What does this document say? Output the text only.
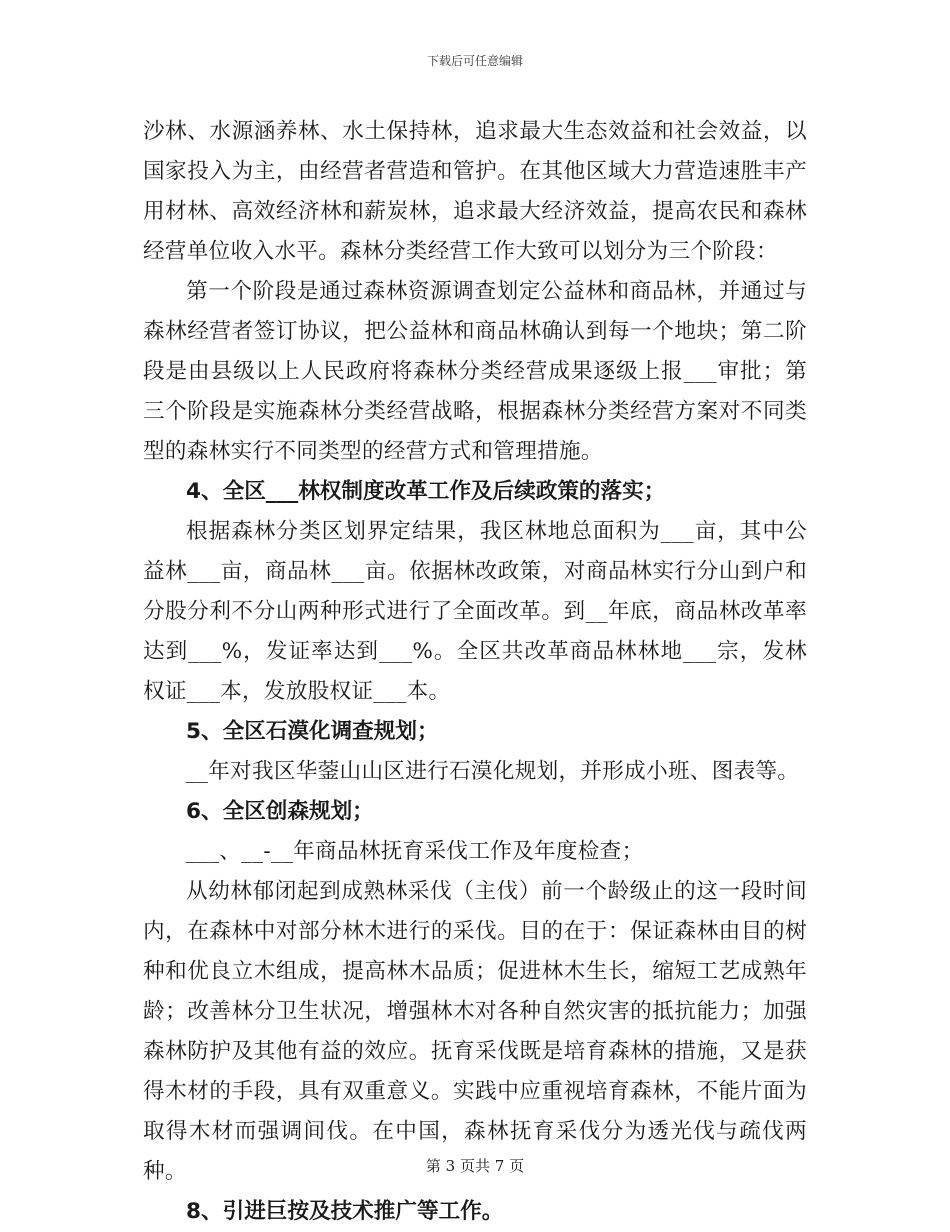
下载后可任意编辑

沙林、水源涵养林、水土保持林，追求最大生态效益和社会效益，以国家投入为主，由经营者营造和管护。在其他区域大力营造速胜丰产用材林、高效经济林和薪炭林，追求最大经济效益，提高农民和森林经营单位收入水平。森林分类经营工作大致可以划分为三个阶段：

第一个阶段是通过森林资源调查划定公益林和商品林，并通过与森林经营者签订协议，把公益林和商品林确认到每一个地块；第二阶段是由县级以上人民政府将森林分类经营成果逐级上报___审批；第三个阶段是实施森林分类经营战略，根据森林分类经营方案对不同类型的森林实行不同类型的经营方式和管理措施。

4、全区___林权制度改革工作及后续政策的落实；

根据森林分类区划界定结果，我区林地总面积为___亩，其中公益林___亩，商品林___亩。依据林改政策，对商品林实行分山到户和分股分利不分山两种形式进行了全面改革。到__年底，商品林改革率达到___%，发证率达到___%。全区共改革商品林林地___宗，发林权证___本，发放股权证___本。

5、全区石漠化调查规划；

__年对我区华蓥山山区进行石漠化规划，并形成小班、图表等。

6、全区创森规划；

___、__-__年商品林抚育采伐工作及年度检查；

从幼林郁闭起到成熟林采伐（主伐）前一个龄级止的这一段时间内，在森林中对部分林木进行的采伐。目的在于：保证森林由目的树种和优良立木组成，提高林木品质；促进林木生长，缩短工艺成熟年龄；改善林分卫生状况，增强林木对各种自然灾害的抵抗能力；加强森林防护及其他有益的效应。抚育采伐既是培育森林的措施，又是获得木材的手段，具有双重意义。实践中应重视培育森林，不能片面为取得木材而强调间伐。在中国，森林抚育采伐分为透光伐与疏伐两种。

8、引进巨按及技术推广等工作。

第 3 页共 7 页
